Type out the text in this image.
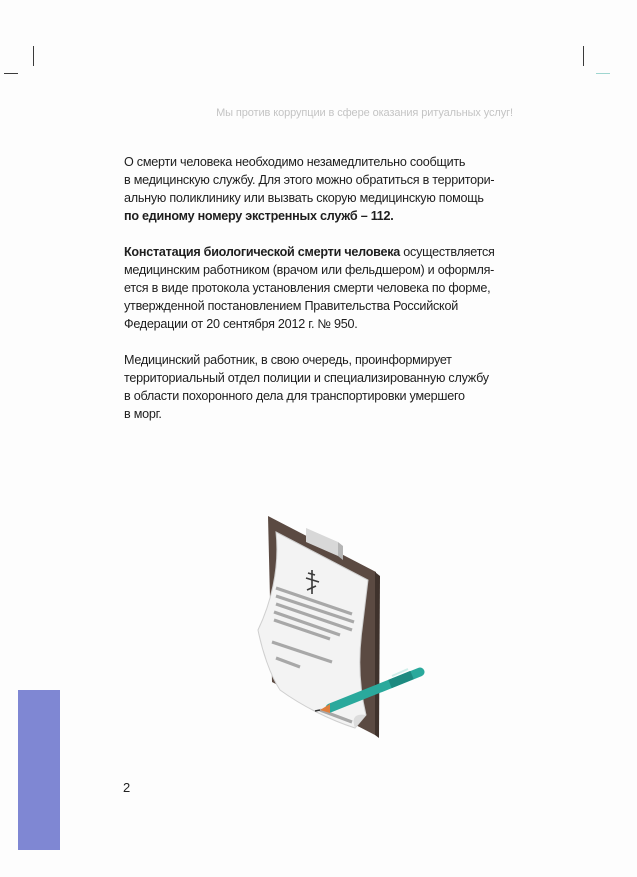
Мы против коррупции в сфере оказания ритуальных услуг!

О смерти человека необходимо незамедлительно сообщить
в медицинскую службу. Для этого можно обратиться в территори-
альную поликлинику или вызвать скорую медицинскую помощь
по единому номеру экстренных служб – 112.

Констатация биологической смерти человека осуществляется
медицинским работником (врачом или фельдшером) и оформля-
ется в виде протокола установления смерти человека по форме,
утвержденной постановлением Правительства Российской
Федерации от 20 сентября 2012 г. № 950.

Медицинский работник, в свою очередь, проинформирует
территориальный отдел полиции и специализированную службу
в области похоронного дела для транспортировки умершего
в морг.

2
